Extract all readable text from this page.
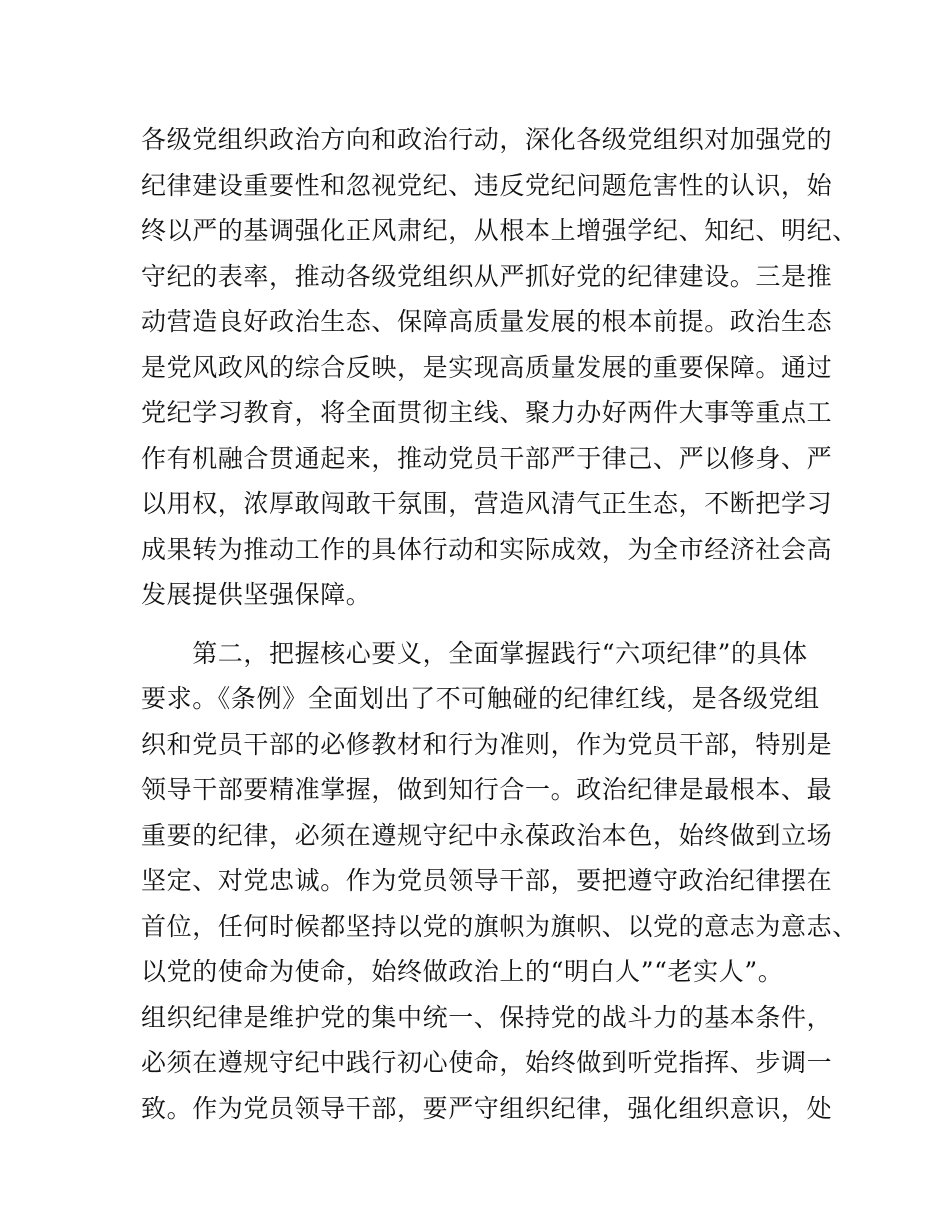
各级党组织政治方向和政治行动，深化各级党组织对加强党的
纪律建设重要性和忽视党纪、违反党纪问题危害性的认识，始
终以严的基调强化正风肃纪，从根本上增强学纪、知纪、明纪、
守纪的表率，推动各级党组织从严抓好党的纪律建设。三是推
动营造良好政治生态、保障高质量发展的根本前提。政治生态
是党风政风的综合反映，是实现高质量发展的重要保障。通过
党纪学习教育，将全面贯彻主线、聚力办好两件大事等重点工
作有机融合贯通起来，推动党员干部严于律己、严以修身、严
以用权，浓厚敢闯敢干氛围，营造风清气正生态，不断把学习
成果转为推动工作的具体行动和实际成效，为全市经济社会高
发展提供坚强保障。
　　第二，把握核心要义，全面掌握践行“六项纪律”的具体
要求。《条例》全面划出了不可触碰的纪律红线，是各级党组
织和党员干部的必修教材和行为准则，作为党员干部，特别是
领导干部要精准掌握，做到知行合一。政治纪律是最根本、最
重要的纪律，必须在遵规守纪中永葆政治本色，始终做到立场
坚定、对党忠诚。作为党员领导干部，要把遵守政治纪律摆在
首位，任何时候都坚持以党的旗帜为旗帜、以党的意志为意志、
以党的使命为使命，始终做政治上的“明白人”“老实人”。
组织纪律是维护党的集中统一、保持党的战斗力的基本条件，
必须在遵规守纪中践行初心使命，始终做到听党指挥、步调一
致。作为党员领导干部，要严守组织纪律，强化组织意识，处
